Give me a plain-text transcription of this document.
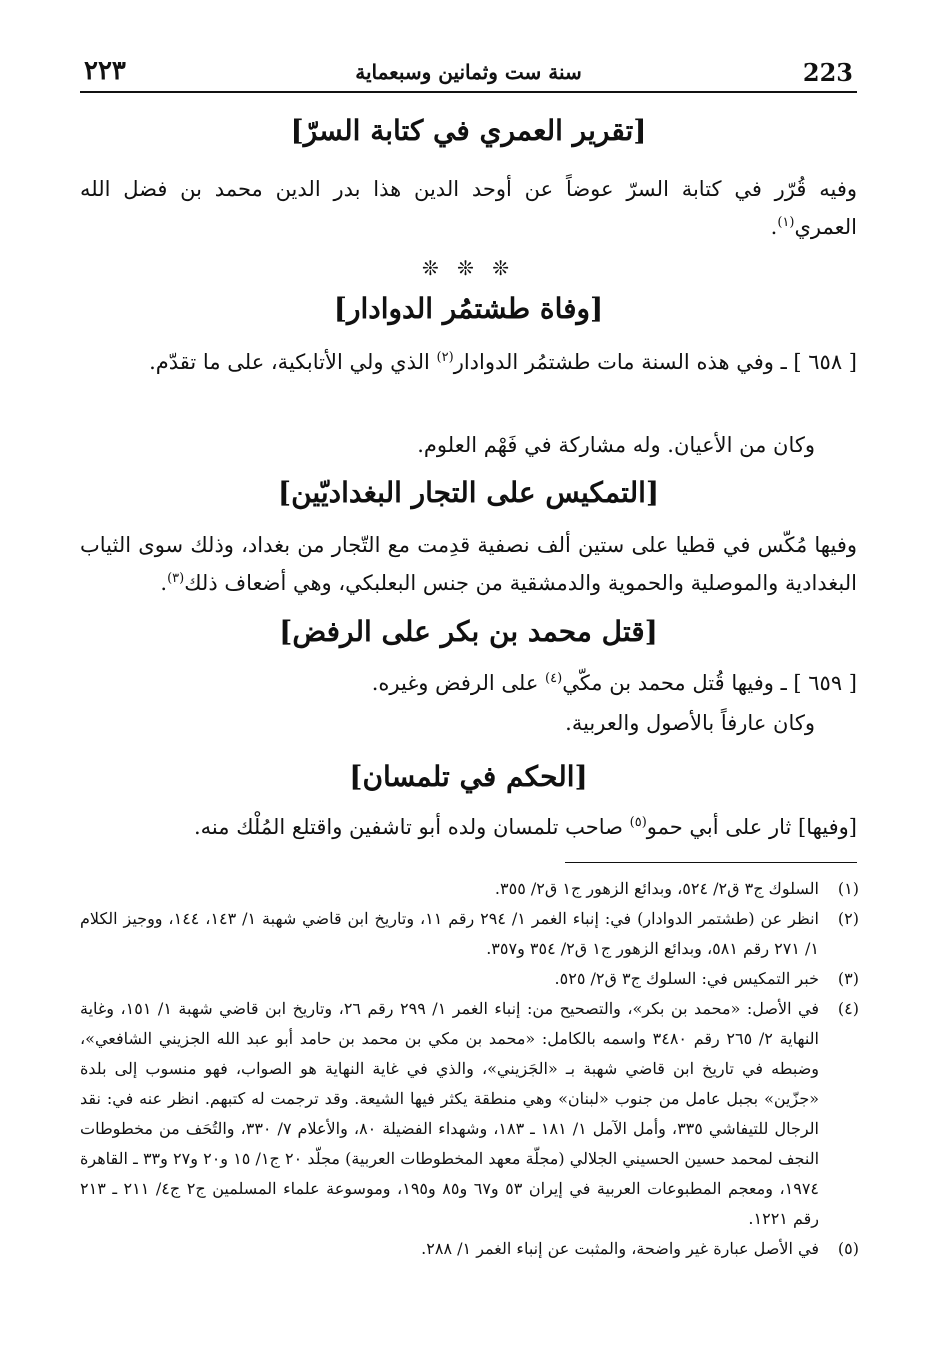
٢٢٣	سنة ست وثمانين وسبعماية	223
[تقرير العمري في كتابة السرّ]
وفيه قُرّر في كتابة السرّ عوضاً عن أوحد الدين هذا بدر الدين محمد بن فضل الله العمري$^{(١)}$.
❊ ❊ ❊
[وفاة طشتمُر الدوادار]
[ ٦٥٨ ] ـ وفي هذه السنة مات طشتمُر الدوادار$^{(٢)}$ الذي ولي الأتابكية، على ما تقدّم.
وكان من الأعيان. وله مشاركة في فَهْم العلوم.
[التمكيس على التجار البغداديّين]
وفيها مُكّس في قطيا على ستين ألف نصفية قدِمت مع التّجار من بغداد، وذلك سوى الثياب البغدادية والموصلية والحموية والدمشقية من جنس البعلبكي، وهي أضعاف ذلك$^{(٣)}$.
[قتل محمد بن بكر على الرفض]
[ ٦٥٩ ] ـ وفيها قُتل محمد بن مكّي$^{(٤)}$ على الرفض وغيره.
وكان عارفاً بالأصول والعربية.
[الحكم في تلمسان]
[وفيها] ثار على أبي حمو$^{(٥)}$ صاحب تلمسان ولده أبو تاشفين واقتلع المُلْك منه.
(١)
السلوك ج٣ ق٢/ ٥٢٤، وبدائع الزهور ج١ ق٢/ ٣٥٥.
(٢)
انظر عن (طشتمر الدوادار) في: إنباء الغمر ١/ ٢٩٤ رقم ١١، وتاريخ ابن قاضي شهبة ١/ ١٤٣، ١٤٤، ووجيز الكلام ١/ ٢٧١ رقم ٥٨١، وبدائع الزهور ج١ ق٢/ ٣٥٤ و٣٥٧.
(٣)
خبر التمكيس في: السلوك ج٣ ق٢/ ٥٢٥.
(٤)
في الأصل: «محمد بن بكر»، والتصحيح من: إنباء الغمر ١/ ٢٩٩ رقم ٢٦، وتاريخ ابن قاضي شهبة ١/ ١٥١، وغاية النهاية ٢/ ٢٦٥ رقم ٣٤٨٠ واسمه بالكامل: «محمد بن مكي بن محمد بن حامد أبو عبد الله الجزيني الشافعي»، وضبطه في تاريخ ابن قاضي شهبة بـ «الجَزيني»، والذي في غاية النهاية هو الصواب، فهو منسوب إلى بلدة «جزّين» بجبل عامل من جنوب «لبنان» وهي منطقة يكثر فيها الشيعة. وقد ترجمت له كتبهم. انظر عنه في: نقد الرجال للتيفاشي ٣٣٥، وأمل الآمل ١/ ١٨١ ـ ١٨٣، وشهداء الفضيلة ٨٠، والأعلام ٧/ ٣٣٠، والتُحَف من مخطوطات النجف لمحمد حسين الحسيني الجلالي (مجلّة معهد المخطوطات العربية) مجلّد ٢٠ ج١/ ١٥ و٢٠ و٢٧ و٣٣ ـ القاهرة ١٩٧٤، ومعجم المطبوعات العربية في إيران ٥٣ و٦٧ و٨٥ و١٩٥، وموسوعة علماء المسلمين ج٢ ج٤/ ٢١١ ـ ٢١٣ رقم ١٢٢١.
(٥)
في الأصل عبارة غير واضحة، والمثبت عن إنباء الغمر ١/ ٢٨٨.
